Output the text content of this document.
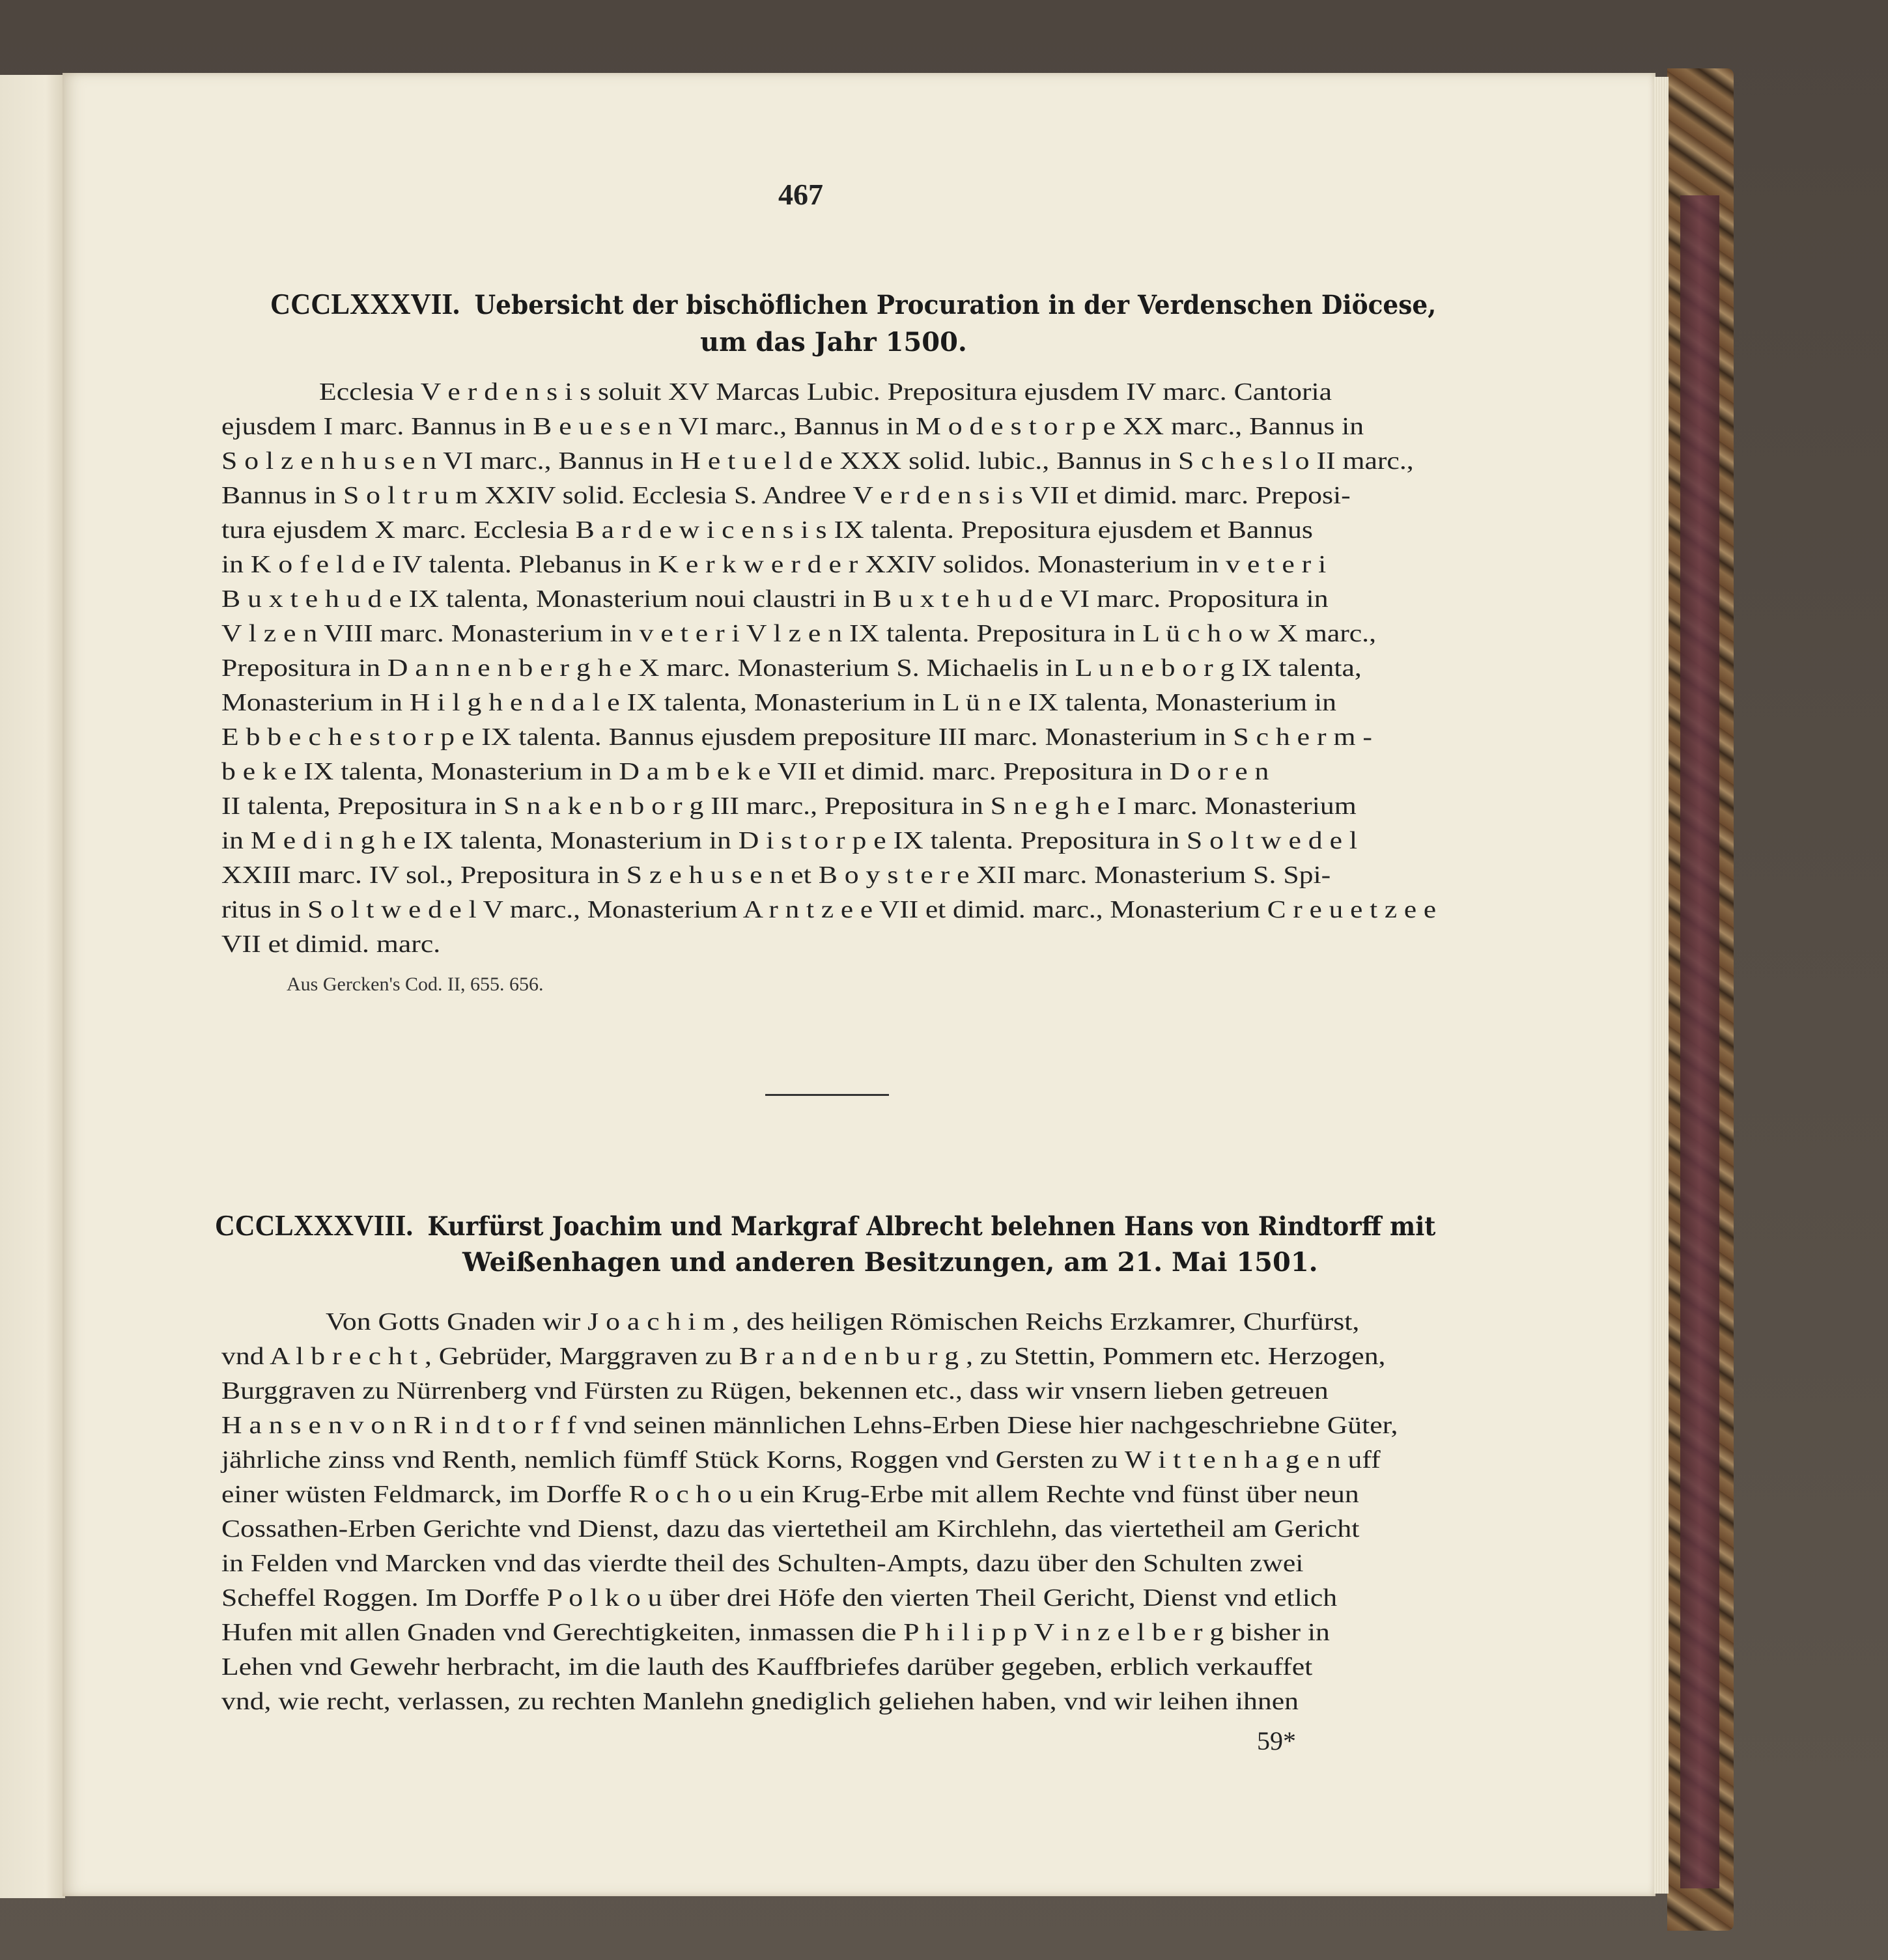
467
CCCLXXXVII. Uebersicht der bischöflichen Procuration in der Verdenschen Diöcese,
um das Jahr 1500.
Ecclesia V e r d e n s i s soluit XV Marcas Lubic. Prepositura ejusdem IV marc. Cantoria
ejusdem I marc. Bannus in B e u e s e n VI marc., Bannus in M o d e s t o r p e XX marc., Bannus in
S o l z e n h u s e n VI marc., Bannus in H e t u e l d e XXX solid. lubic., Bannus in S c h e s l o II marc.,
Bannus in S o l t r u m XXIV solid. Ecclesia S. Andree V e r d e n s i s VII et dimid. marc. Preposi-
tura ejusdem X marc. Ecclesia B a r d e w i c e n s i s IX talenta. Prepositura ejusdem et Bannus
in K o f e l d e IV talenta. Plebanus in K e r k w e r d e r XXIV solidos. Monasterium in v e t e r i
B u x t e h u d e IX talenta, Monasterium noui claustri in B u x t e h u d e VI marc. Propositura in
V l z e n VIII marc. Monasterium in v e t e r i V l z e n IX talenta. Prepositura in L ü c h o w X marc.,
Prepositura in D a n n e n b e r g h e X marc. Monasterium S. Michaelis in L u n e b o r g IX talenta,
Monasterium in H i l g h e n d a l e IX talenta, Monasterium in L ü n e IX talenta, Monasterium in
E b b e c h e s t o r p e IX talenta. Bannus ejusdem prepositure III marc. Monasterium in S c h e r m -
b e k e IX talenta, Monasterium in D a m b e k e VII et dimid. marc. Prepositura in D o r e n
II talenta, Prepositura in S n a k e n b o r g III marc., Prepositura in S n e g h e I marc. Monasterium
in M e d i n g h e IX talenta, Monasterium in D i s t o r p e IX talenta. Prepositura in S o l t w e d e l
XXIII marc. IV sol., Prepositura in S z e h u s e n et B o y s t e r e XII marc. Monasterium S. Spi-
ritus in S o l t w e d e l V marc., Monasterium A r n t z e e VII et dimid. marc., Monasterium C r e u e t z e e
VII et dimid. marc.
Aus Gercken's Cod. II, 655. 656.
CCCLXXXVIII. Kurfürst Joachim und Markgraf Albrecht belehnen Hans von Rindtorff mit
Weißenhagen und anderen Besitzungen, am 21. Mai 1501.
Von Gotts Gnaden wir J o a c h i m , des heiligen Römischen Reichs Erzkamrer, Churfürst,
vnd A l b r e c h t , Gebrüder, Marggraven zu B r a n d e n b u r g , zu Stettin, Pommern etc. Herzogen,
Burggraven zu Nürrenberg vnd Fürsten zu Rügen, bekennen etc., dass wir vnsern lieben getreuen
H a n s e n v o n R i n d t o r f f vnd seinen männlichen Lehns-Erben Diese hier nachgeschriebne Güter,
jährliche zinss vnd Renth, nemlich fümff Stück Korns, Roggen vnd Gersten zu W i t t e n h a g e n uff
einer wüsten Feldmarck, im Dorffe R o c h o u ein Krug-Erbe mit allem Rechte vnd fünst über neun
Cossathen-Erben Gerichte vnd Dienst, dazu das viertetheil am Kirchlehn, das viertetheil am Gericht
in Felden vnd Marcken vnd das vierdte theil des Schulten-Ampts, dazu über den Schulten zwei
Scheffel Roggen. Im Dorffe P o l k o u über drei Höfe den vierten Theil Gericht, Dienst vnd etlich
Hufen mit allen Gnaden vnd Gerechtigkeiten, inmassen die P h i l i p p V i n z e l b e r g bisher in
Lehen vnd Gewehr herbracht, im die lauth des Kauffbriefes darüber gegeben, erblich verkauffet
vnd, wie recht, verlassen, zu rechten Manlehn gnediglich geliehen haben, vnd wir leihen ihnen
59*
